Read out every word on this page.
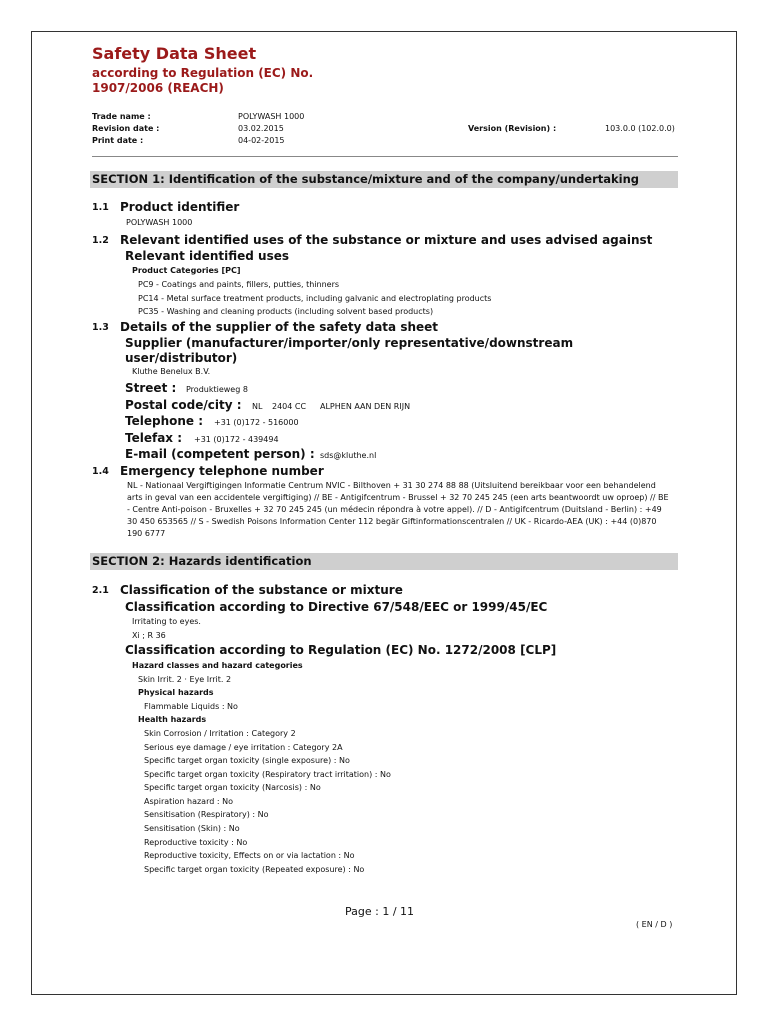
Safety Data Sheet
according to Regulation (EC) No.
1907/2006 (REACH)
Trade name :	POLYWASH 1000
Revision date :	03.02.2015
Print date :	04-02-2015
Version (Revision) :	103.0.0 (102.0.0)
SECTION 1: Identification of the substance/mixture and of the company/undertaking
1.1 Product identifier
POLYWASH 1000
1.2 Relevant identified uses of the substance or mixture and uses advised against
Relevant identified uses
Product Categories [PC]
PC9 - Coatings and paints, fillers, putties, thinners
PC14 - Metal surface treatment products, including galvanic and electroplating products
PC35 - Washing and cleaning products (including solvent based products)
1.3 Details of the supplier of the safety data sheet
Supplier (manufacturer/importer/only representative/downstream
user/distributor)
Kluthe Benelux B.V.
Street : Produktieweg 8
Postal code/city : NL 2404 CC ALPHEN AAN DEN RIJN
Telephone : +31 (0)172 - 516000
Telefax : +31 (0)172 - 439494
E-mail (competent person) : sds@kluthe.nl
1.4 Emergency telephone number
NL - Nationaal Vergiftigingen Informatie Centrum NVIC - Bilthoven + 31 30 274 88 88 (Uitsluitend bereikbaar voor een behandelend arts in geval van een accidentele vergiftiging) // BE - Antigifcentrum - Brussel + 32 70 245 245 (een arts beantwoordt uw oproep) // BE - Centre Anti-poison - Bruxelles + 32 70 245 245 (un médecin répondra à votre appel). // D - Antigifcentrum (Duitsland - Berlin) : +49 30 450 653565 // S - Swedish Poisons Information Center 112 begär Giftinformationscentralen // UK - Ricardo-AEA (UK) : +44 (0)870 190 6777
SECTION 2: Hazards identification
2.1 Classification of the substance or mixture
Classification according to Directive 67/548/EEC or 1999/45/EC
Irritating to eyes.
Xi ; R 36
Classification according to Regulation (EC) No. 1272/2008 [CLP]
Hazard classes and hazard categories
Skin Irrit. 2 · Eye Irrit. 2
Physical hazards
Flammable Liquids : No
Health hazards
Skin Corrosion / Irritation : Category 2
Serious eye damage / eye irritation : Category 2A
Specific target organ toxicity (single exposure) : No
Specific target organ toxicity (Respiratory tract irritation) : No
Specific target organ toxicity (Narcosis) : No
Aspiration hazard : No
Sensitisation (Respiratory) : No
Sensitisation (Skin) : No
Reproductive toxicity : No
Reproductive toxicity, Effects on or via lactation : No
Specific target organ toxicity (Repeated exposure) : No
Page : 1 / 11
( EN / D )
